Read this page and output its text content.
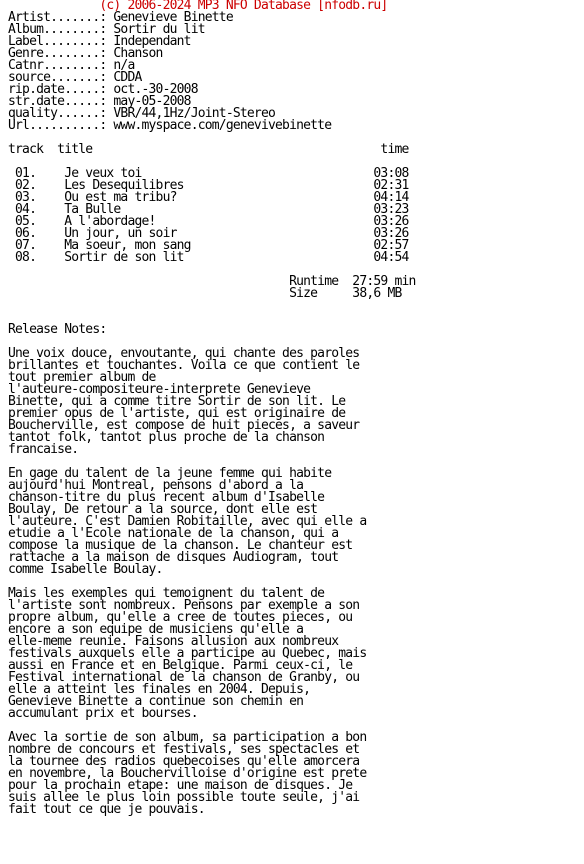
(c) 2006-2024 MP3 NFO Database [nfodb.ru]
Artist.......: Genevieve Binette
Album........: Sortir du lit
Label........: Independant
Genre........: Chanson
Catnr........: n/a
source.......: CDDA
rip.date.....: oct.-30-2008
str.date.....: may-05-2008
quality......: VBR/44,1Hz/Joint-Stereo
Url..........: www.myspace.com/genevivebinette
track  title                                         time
01.    Je veux toi                                 03:08
02.    Les Desequilibres                           02:31
03.    Ou est ma tribu?                            04:14
04.    Ta Bulle                                    03:23
05.    A l'abordage!                               03:26
06.    Un jour, un soir                            03:26
07.    Ma soeur, mon sang                          02:57
08.    Sortir de son lit                           04:54
Runtime  27:59 min
Size     38,6 MB
Release Notes:
Une voix douce, envoutante, qui chante des paroles
brillantes et touchantes. Voila ce que contient le
tout premier album de
l'auteure-compositeure-interprete Genevieve
Binette, qui a comme titre Sortir de son lit. Le
premier opus de l'artiste, qui est originaire de
Boucherville, est compose de huit pieces, a saveur
tantot folk, tantot plus proche de la chanson
francaise.
En gage du talent de la jeune femme qui habite
aujourd'hui Montreal, pensons d'abord a la
chanson-titre du plus recent album d'Isabelle
Boulay, De retour a la source, dont elle est
l'auteure. C'est Damien Robitaille, avec qui elle a
etudie a l'Ecole nationale de la chanson, qui a
compose la musique de la chanson. Le chanteur est
rattache a la maison de disques Audiogram, tout
comme Isabelle Boulay.
Mais les exemples qui temoignent du talent de
l'artiste sont nombreux. Pensons par exemple a son
propre album, qu'elle a cree de toutes pieces, ou
encore a son equipe de musiciens qu'elle a
elle-meme reunie. Faisons allusion aux nombreux
festivals auxquels elle a participe au Quebec, mais
aussi en France et en Belgique. Parmi ceux-ci, le
Festival international de la chanson de Granby, ou
elle a atteint les finales en 2004. Depuis,
Genevieve Binette a continue son chemin en
accumulant prix et bourses.
Avec la sortie de son album, sa participation a bon
nombre de concours et festivals, ses spectacles et
la tournee des radios quebecoises qu'elle amorcera
en novembre, la Bouchervilloise d'origine est prete
pour la prochain etape: une maison de disques. Je
suis allee le plus loin possible toute seule, j'ai
fait tout ce que je pouvais.
